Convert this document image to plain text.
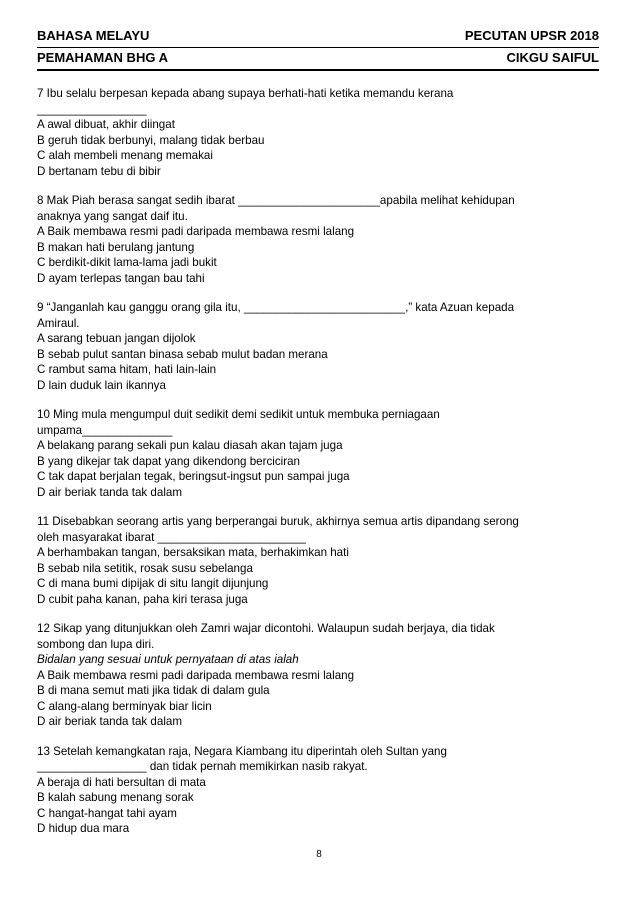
BAHASA MELAYU	PECUTAN UPSR 2018
PEMAHAMAN BHG A	CIKGU SAIFUL

7 Ibu selalu berpesan kepada abang supaya berhati-hati ketika memandu kerana

_________________

A awal dibuat, akhir diingat

B geruh tidak berbunyi, malang tidak berbau

C alah membeli menang memakai

D bertanam tebu di bibir

8 Mak Piah berasa sangat sedih ibarat ______________________apabila melihat kehidupan

anaknya yang sangat daif itu.

A Baik membawa resmi padi daripada membawa resmi lalang

B makan hati berulang jantung

C berdikit-dikit lama-lama jadi bukit

D ayam terlepas tangan bau tahi

9 “Janganlah kau ganggu orang gila itu, _________________________,” kata Azuan kepada

Amiraul.

A sarang tebuan jangan dijolok

B sebab pulut santan binasa sebab mulut badan merana

C rambut sama hitam, hati lain-lain

D lain duduk lain ikannya

10 Ming mula mengumpul duit sedikit demi sedikit untuk membuka perniagaan

umpama______________

A belakang parang sekali pun kalau diasah akan tajam juga

B yang dikejar tak dapat yang dikendong berciciran

C tak dapat berjalan tegak, beringsut-ingsut pun sampai juga

D air beriak tanda tak dalam

11 Disebabkan seorang artis yang berperangai buruk, akhirnya semua artis dipandang serong

oleh masyarakat ibarat _______________________

A berhambakan tangan, bersaksikan mata, berhakimkan hati

B sebab nila setitik, rosak susu sebelanga

C di mana bumi dipijak di situ langit dijunjung

D cubit paha kanan, paha kiri terasa juga

12 Sikap yang ditunjukkan oleh Zamri wajar dicontohi. Walaupun sudah berjaya, dia tidak

sombong dan lupa diri.

Bidalan yang sesuai untuk pernyataan di atas ialah

A Baik membawa resmi padi daripada membawa resmi lalang

B di mana semut mati jika tidak di dalam gula

C alang-alang berminyak biar licin

D air beriak tanda tak dalam

13 Setelah kemangkatan raja, Negara Kiambang itu diperintah oleh Sultan yang

_________________ dan tidak pernah memikirkan nasib rakyat.

A beraja di hati bersultan di mata

B kalah sabung menang sorak

C hangat-hangat tahi ayam

D hidup dua mara

8
